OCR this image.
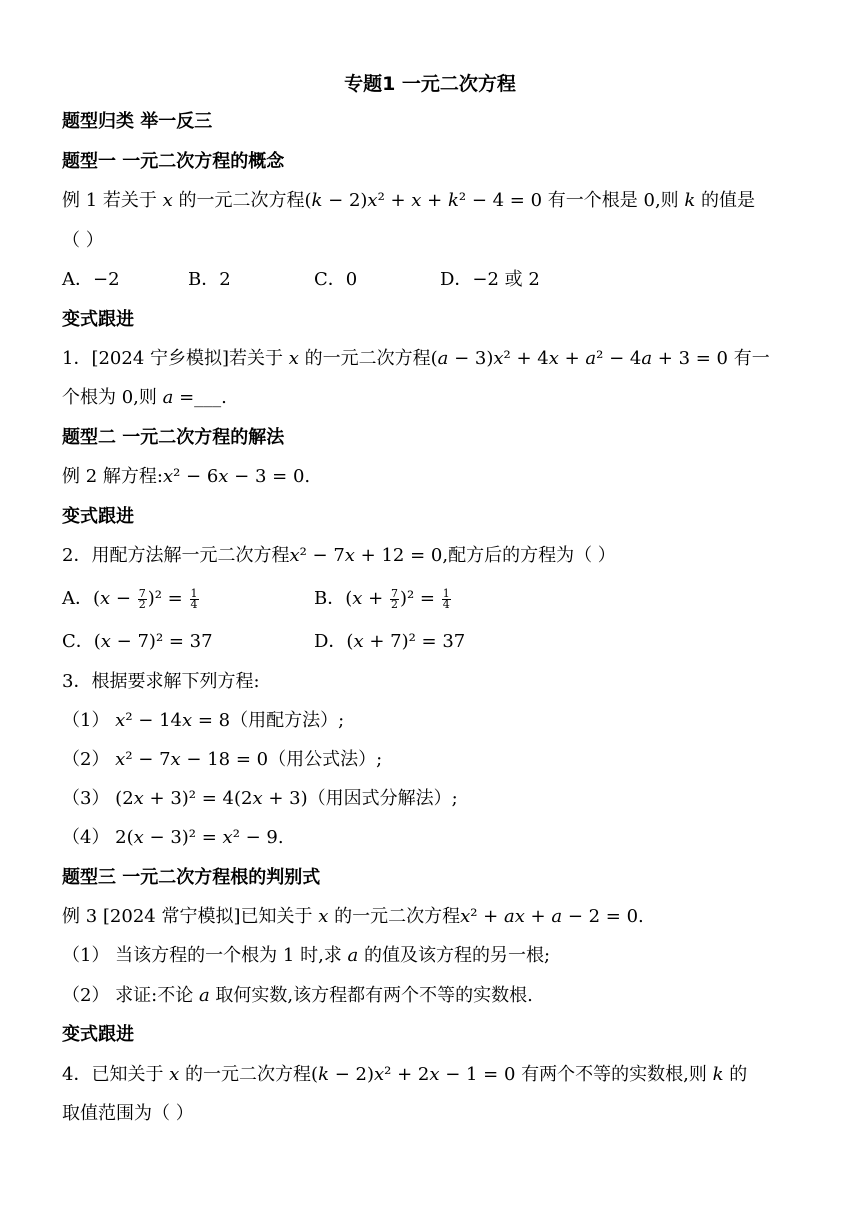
专题1 一元二次方程
题型归类 举一反三
题型一 一元二次方程的概念
例 1 若关于 𝑥 的一元二次方程(𝑘 − 2)𝑥² + 𝑥 + 𝑘² − 4 = 0 有一个根是 0,则 𝑘 的值是
（ ）
A．−2	B．2	C．0	D．−2 或 2
变式跟进
1．[2024 宁乡模拟]若关于 𝑥 的一元二次方程(𝑎 − 3)𝑥² + 4𝑥 + 𝑎² − 4𝑎 + 3 = 0 有一
个根为 0,则 𝑎 =___.
题型二 一元二次方程的解法
例 2 解方程:𝑥² − 6𝑥 − 3 = 0.
变式跟进
2．用配方法解一元二次方程𝑥² − 7𝑥 + 12 = 0,配方后的方程为（ ）
A．(𝑥 − $\frac{7}{2} )^2 = \frac{1}{4}$	B．(𝑥 + $\frac{7}{2} )^2 = \frac{1}{4}$
C．(𝑥 − 7)² = 37	D．(𝑥 + 7)² = 37
3．根据要求解下列方程:
（1） 𝑥² − 14𝑥 = 8（用配方法）;
（2） 𝑥² − 7𝑥 − 18 = 0（用公式法）;
（3） (2𝑥 + 3)² = 4(2𝑥 + 3)（用因式分解法）;
（4） 2(𝑥 − 3)² = 𝑥² − 9.
题型三 一元二次方程根的判别式
例 3 [2024 常宁模拟]已知关于 𝑥 的一元二次方程𝑥² + 𝑎𝑥 + 𝑎 − 2 = 0.
（1） 当该方程的一个根为 1 时,求 𝑎 的值及该方程的另一根;
（2） 求证:不论 𝑎 取何实数,该方程都有两个不等的实数根.
变式跟进
4．已知关于 𝑥 的一元二次方程(𝑘 − 2)𝑥² + 2𝑥 − 1 = 0 有两个不等的实数根,则 𝑘 的
取值范围为（ ）
